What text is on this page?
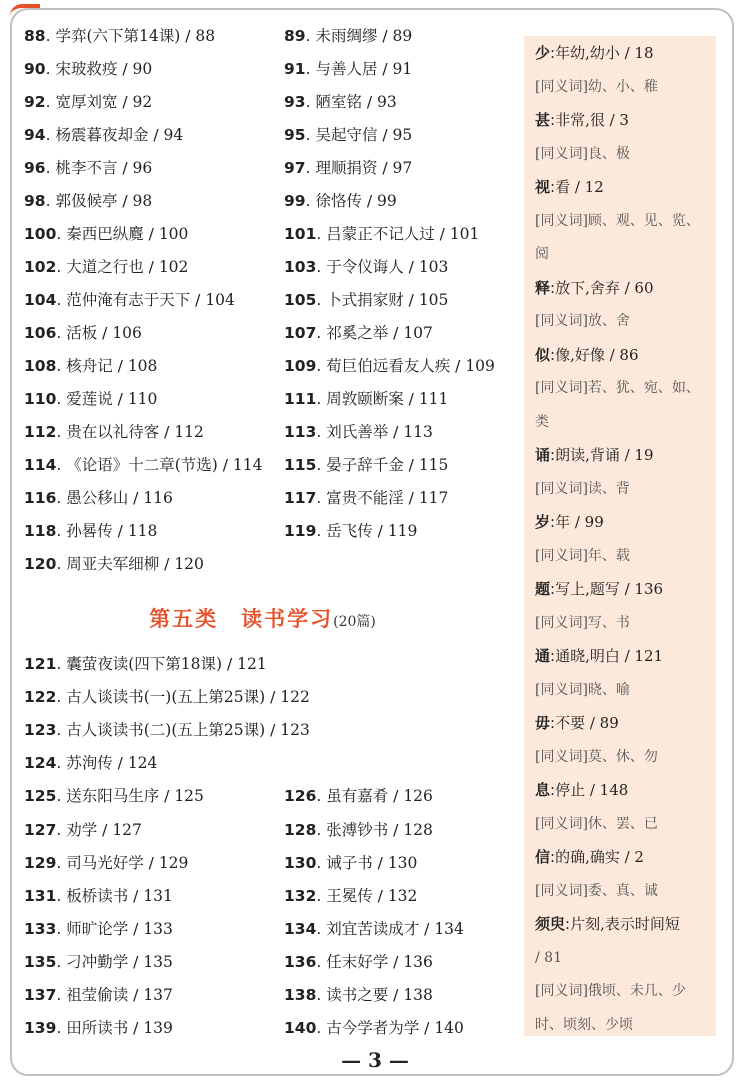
88. 学弈(六下第14课) / 88	89. 未雨绸缪 / 89
90. 宋玻救疫 / 90	91. 与善人居 / 91
92. 宽厚刘宽 / 92	93. 陋室铭 / 93
94. 杨震暮夜却金 / 94	95. 吴起守信 / 95
96. 桃李不言 / 96	97. 理顺捐资 / 97
98. 郭伋候亭 / 98	99. 徐恪传 / 99
100. 秦西巴纵麑 / 100	101. 吕蒙正不记人过 / 101
102. 大道之行也 / 102	103. 于令仪诲人 / 103
104. 范仲淹有志于天下 / 104	105. 卜式捐家财 / 105
106. 活板 / 106	107. 祁奚之举 / 107
108. 核舟记 / 108	109. 荀巨伯远看友人疾 / 109
110. 爱莲说 / 110	111. 周敦颐断案 / 111
112. 贵在以礼待客 / 112	113. 刘氏善举 / 113
114. 《论语》十二章(节选) / 114 115. 晏子辞千金 / 115
116. 愚公移山 / 116	117. 富贵不能淫 / 117
118. 孙晷传 / 118	119. 岳飞传 / 119
120. 周亚夫军细柳 / 120
121. 囊萤夜读(四下第18课) / 121
122. 古人谈读书(一)(五上第25课) / 122
123. 古人谈读书(二)(五上第25课) / 123
124. 苏洵传 / 124
125. 送东阳马生序 / 125	126. 虽有嘉肴 / 126
127. 劝学 / 127	128. 张溥钞书 / 128
129. 司马光好学 / 129	130. 诫子书 / 130
131. 板桥读书 / 131	132. 王冕传 / 132
133. 师旷论学 / 133	134. 刘宜苦读成才 / 134
135. 刁冲勤学 / 135	136. 任末好学 / 136
137. 祖莹偷读 / 137	138. 读书之要 / 138
139. 田所读书 / 139	140. 古今学者为学 / 140
第五类　读书学习(20篇)
少:年幼,幼小 / 18
[同义词]幼、小、稚
甚:非常,很 / 3
[同义词]良、极
视:看 / 12
[同义词]顾、观、见、览、
阅
释:放下,舍弃 / 60
[同义词]放、舍
似:像,好像 / 86
[同义词]若、犹、宛、如、
类
诵:朗读,背诵 / 19
[同义词]读、背
岁:年 / 99
[同义词]年、载
题:写上,题写 / 136
[同义词]写、书
通:通晓,明白 / 121
[同义词]晓、喻
毋:不要 / 89
[同义词]莫、休、勿
息:停止 / 148
[同义词]休、罢、已
信:的确,确实 / 2
[同义词]委、真、诚
须臾:片刻,表示时间短
/ 81
[同义词]俄顷、未几、少
时、顷刻、少顷
— 3 —
